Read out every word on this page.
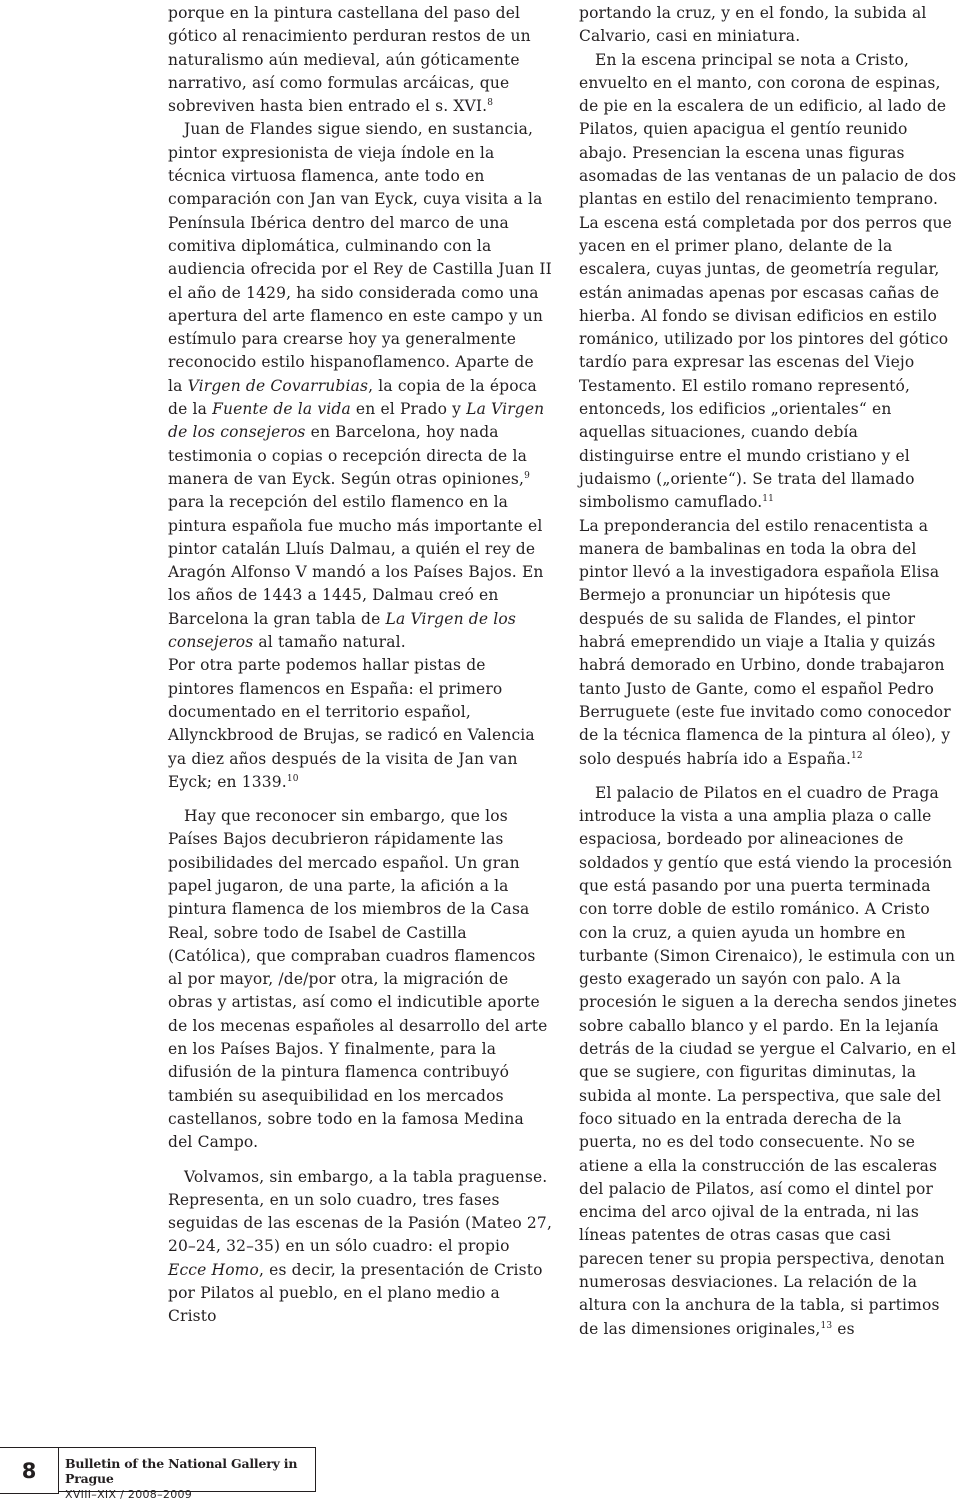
porque en la pintura castellana del paso del gótico al renacimiento perduran restos de un naturalismo aún medieval, aún góticamente narrativo, así como formulas arcáicas, que sobreviven hasta bien entrado el s. XVI.$^8$

Juan de Flandes sigue siendo, en sustancia, pintor expresionista de vieja índole en la técnica virtuosa flamenca, ante todo en comparación con Jan van Eyck, cuya visita a la Península Ibérica dentro del marco de una comitiva diplomática, culminando con la audiencia ofrecida por el Rey de Castilla Juan II el año de 1429, ha sido considerada como una apertura del arte flamenco en este campo y un estímulo para crearse hoy ya generalmente reconocido estilo hispanoflamenco. Aparte de la Virgen de Covarrubias, la copia de la época de la Fuente de la vida en el Prado y La Virgen de los consejeros en Barcelona, hoy nada testimonia o copias o recepción directa de la manera de van Eyck. Según otras opiniones,$^9$ para la recepción del estilo flamenco en la pintura española fue mucho más importante el pintor catalán Lluís Dalmau, a quién el rey de Aragón Alfonso V mandó a los Países Bajos. En los años de 1443 a 1445, Dalmau creó en Barcelona la gran tabla de La Virgen de los consejeros al tamaño natural.

Por otra parte podemos hallar pistas de pintores flamencos en España: el primero documentado en el territorio español, Allynckbrood de Brujas, se radicó en Valencia ya diez años después de la visita de Jan van Eyck; en 1339.10

Hay que reconocer sin embargo, que los Países Bajos decubrieron rápidamente las posibilidades del mercado español. Un gran papel jugaron, de una parte, la afición a la pintura flamenca de los miembros de la Casa Real, sobre todo de Isabel de Castilla (Católica), que compraban cuadros flamencos al por mayor, /de/por otra, la migración de obras y artistas, así como el indicutible aporte de los mecenas españoles al desarrollo del arte en los Países Bajos. Y finalmente, para la difusión de la pintura flamenca contribuyó también su asequibilidad en los mercados castellanos, sobre todo en la famosa Medina del Campo.

Volvamos, sin embargo, a la tabla praguense. Representa, en un solo cuadro, tres fases seguidas de las escenas de la Pasión (Mateo 27, 20–24, 32–35) en un sólo cuadro: el propio Ecce Homo, es decir, la presentación de Cristo por Pilatos al pueblo, en el plano medio a Cristo

portando la cruz, y en el fondo, la subida al Calvario, casi en miniatura.

En la escena principal se nota a Cristo, envuelto en el manto, con corona de espinas, de pie en la escalera de un edificio, al lado de Pilatos, quien apacigua el gentío reunido abajo. Presencian la escena unas figuras asomadas de las ventanas de un palacio de dos plantas en estilo del renacimiento temprano. La escena está completada por dos perros que yacen en el primer plano, delante de la escalera, cuyas juntas, de geometría regular, están animadas apenas por escasas cañas de hierba. Al fondo se divisan edificios en estilo románico, utilizado por los pintores del gótico tardío para expresar las escenas del Viejo Testamento. El estilo romano representó, entonceds, los edificios „orientales“ en aquellas situaciones, cuando debía distinguirse entre el mundo cristiano y el judaismo („oriente“). Se trata del llamado simbolismo camuflado.$^{11}$

La preponderancia del estilo renacentista a manera de bambalinas en toda la obra del pintor llevó a la investigadora española Elisa Bermejo a pronunciar un hipótesis que después de su salida de Flandes, el pintor habrá emeprendido un viaje a Italia y quizás habrá demorado en Urbino, donde trabajaron tanto Justo de Gante, como el español Pedro Berruguete (este fue invitado como conocedor de la técnica flamenca de la pintura al óleo), y solo después habría ido a España.$^{12}$

El palacio de Pilatos en el cuadro de Praga introduce la vista a una amplia plaza o calle espaciosa, bordeado por alineaciones de soldados y gentío que está viendo la procesión que está pasando por una puerta terminada con torre doble de estilo románico. A Cristo con la cruz, a quien ayuda un hombre en turbante (Simon Cirenaico), le estimula con un gesto exagerado un sayón con palo. A la procesión le siguen a la derecha sendos jinetes sobre caballo blanco y el pardo. En la lejanía detrás de la ciudad se yergue el Calvario, en el que se sugiere, con figuritas diminutas, la subida al monte. La perspectiva, que sale del foco situado en la entrada derecha de la puerta, no es del todo consecuente. No se atiene a ella la construcción de las escaleras del palacio de Pilatos, así como el dintel por encima del arco ojival de la entrada, ni las líneas patentes de otras casas que casi parecen tener su propia perspectiva, denotan numerosas desviaciones. La relación de la altura con la anchura de la tabla, si partimos de las dimensiones originales,$^{13}$ es

8	Bulletin of the National Gallery in Prague
XVIII–XIX / 2008–2009
